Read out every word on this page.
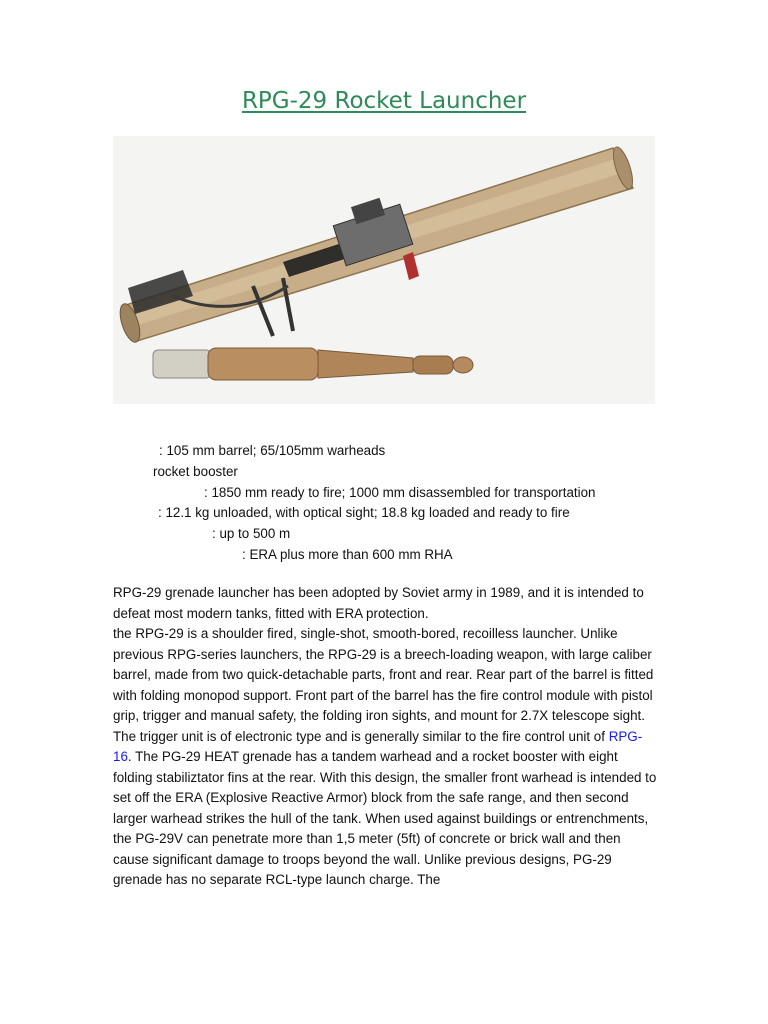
RPG-29 Rocket Launcher
: 105 mm barrel; 65/105mm warheads
rocket booster
: 1850 mm ready to fire; 1000 mm disassembled for transportation
: 12.1 kg unloaded, with optical sight; 18.8 kg loaded and ready to fire
: up to 500 m
: ERA plus more than 600 mm RHA

RPG-29 grenade launcher has been adopted by Soviet army in 1989, and it is intended to defeat most modern tanks, fitted with ERA protection.

the RPG-29 is a shoulder fired, single-shot, smooth-bored, recoilless launcher. Unlike previous RPG-series launchers, the RPG-29 is a breech-loading weapon, with large caliber barrel, made from two quick-detachable parts, front and rear. Rear part of the barrel is fitted with folding monopod support. Front part of the barrel has the fire control module with pistol grip, trigger and manual safety, the folding iron sights, and mount for 2.7X telescope sight. The trigger unit is of electronic type and is generally similar to the fire control unit of RPG-16. The PG-29 HEAT grenade has a tandem warhead and a rocket booster with eight folding stabiliztator fins at the rear. With this design, the smaller front warhead is intended to set off the ERA (Explosive Reactive Armor) block from the safe range, and then second larger warhead strikes the hull of the tank. When used against buildings or entrenchments, the PG-29V can penetrate more than 1,5 meter (5ft) of concrete or brick wall and then cause significant damage to troops beyond the wall. Unlike previous designs, PG-29 grenade has no separate RCL-type launch charge. The
